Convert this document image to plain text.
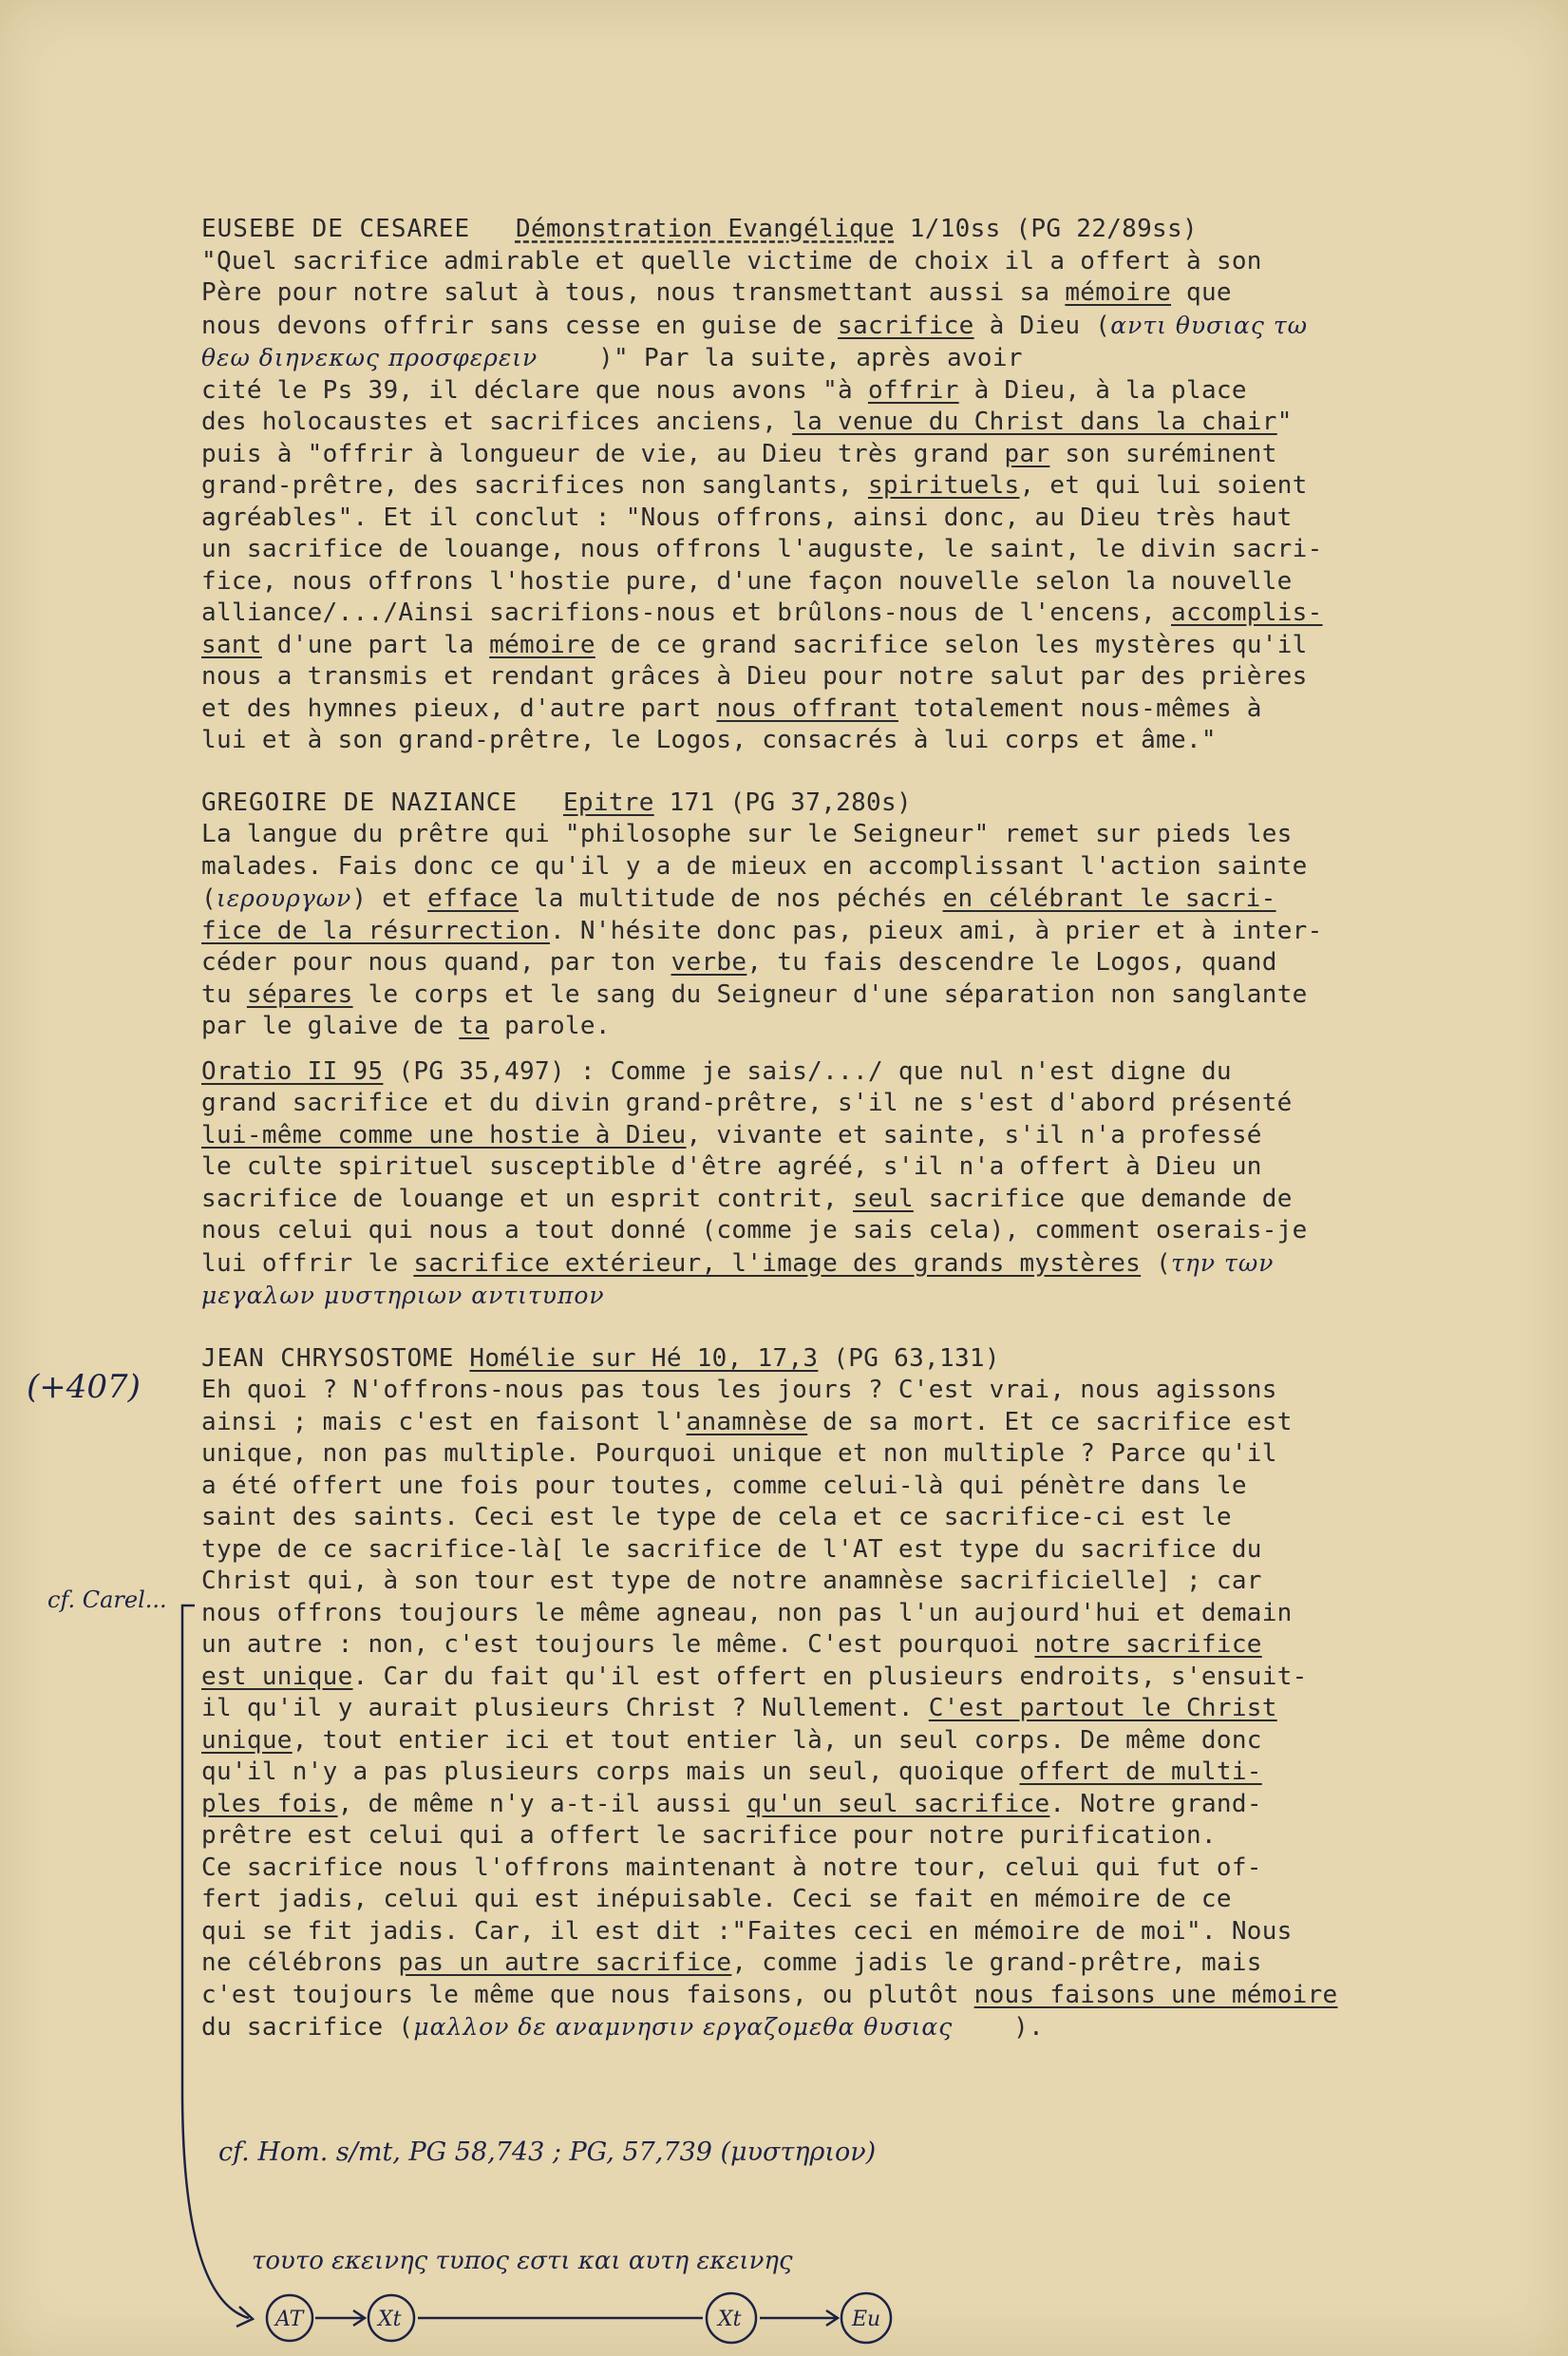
EUSEBE DE CESAREE Démonstration Evangélique 1/10ss (PG 22/89ss)

"Quel sacrifice admirable et quelle victime de choix il a offert à son

Père pour notre salut à tous, nous transmettant aussi sa mémoire que

nous devons offrir sans cesse en guise de sacrifice à Dieu (αντι θυσιας τω

θεω διηνεκως προσφερειν )" Par la suite, après avoir

cité le Ps 39, il déclare que nous avons "à offrir à Dieu, à la place

des holocaustes et sacrifices anciens, la venue du Christ dans la chair"

puis à "offrir à longueur de vie, au Dieu très grand par son suréminent

grand-prêtre, des sacrifices non sanglants, spirituels, et qui lui soient

agréables". Et il conclut : "Nous offrons, ainsi donc, au Dieu très haut

un sacrifice de louange, nous offrons l'auguste, le saint, le divin sacri-

fice, nous offrons l'hostie pure, d'une façon nouvelle selon la nouvelle

alliance/.../Ainsi sacrifions-nous et brûlons-nous de l'encens, accomplis-

sant d'une part la mémoire de ce grand sacrifice selon les mystères qu'il

nous a transmis et rendant grâces à Dieu pour notre salut par des prières

et des hymnes pieux, d'autre part nous offrant totalement nous-mêmes à

lui et à son grand-prêtre, le Logos, consacrés à lui corps et âme."

GREGOIRE DE NAZIANCE Epitre 171 (PG 37,280s)

La langue du prêtre qui "philosophe sur le Seigneur" remet sur pieds les

malades. Fais donc ce qu'il y a de mieux en accomplissant l'action sainte

(ιερουργων) et efface la multitude de nos péchés en célébrant le sacri-

fice de la résurrection. N'hésite donc pas, pieux ami, à prier et à inter-

céder pour nous quand, par ton verbe, tu fais descendre le Logos, quand

tu sépares le corps et le sang du Seigneur d'une séparation non sanglante

par le glaive de ta parole.

Oratio II 95 (PG 35,497) : Comme je sais/.../ que nul n'est digne du

grand sacrifice et du divin grand-prêtre, s'il ne s'est d'abord présenté

lui-même comme une hostie à Dieu, vivante et sainte, s'il n'a professé

le culte spirituel susceptible d'être agréé, s'il n'a offert à Dieu un

sacrifice de louange et un esprit contrit, seul sacrifice que demande de

nous celui qui nous a tout donné (comme je sais cela), comment oserais-je

lui offrir le sacrifice extérieur, l'image des grands mystères (την των

μεγαλων μυστηριων αντιτυπον

JEAN CHRYSOSTOME Homélie sur Hé 10, 17,3 (PG 63,131)

Eh quoi ? N'offrons-nous pas tous les jours ? C'est vrai, nous agissons

ainsi ; mais c'est en faisont l'anamnèse de sa mort. Et ce sacrifice est

unique, non pas multiple. Pourquoi unique et non multiple ? Parce qu'il

a été offert une fois pour toutes, comme celui-là qui pénètre dans le

saint des saints. Ceci est le type de cela et ce sacrifice-ci est le

type de ce sacrifice-là[ le sacrifice de l'AT est type du sacrifice du

Christ qui, à son tour est type de notre anamnèse sacrificielle] ; car

nous offrons toujours le même agneau, non pas l'un aujourd'hui et demain

un autre : non, c'est toujours le même. C'est pourquoi notre sacrifice

est unique. Car du fait qu'il est offert en plusieurs endroits, s'ensuit-

il qu'il y aurait plusieurs Christ ? Nullement. C'est partout le Christ

unique, tout entier ici et tout entier là, un seul corps. De même donc

qu'il n'y a pas plusieurs corps mais un seul, quoique offert de multi-

ples fois, de même n'y a-t-il aussi qu'un seul sacrifice. Notre grand-

prêtre est celui qui a offert le sacrifice pour notre purification.

Ce sacrifice nous l'offrons maintenant à notre tour, celui qui fut of-

fert jadis, celui qui est inépuisable. Ceci se fait en mémoire de ce

qui se fit jadis. Car, il est dit :"Faites ceci en mémoire de moi". Nous

ne célébrons pas un autre sacrifice, comme jadis le grand-prêtre, mais

c'est toujours le même que nous faisons, ou plutôt nous faisons une mémoire

du sacrifice (μαλλον δε αναμνησιν εργαζομεθα θυσιας ).

(+407)
cf. Carel...
cf. Hom. s/mt, PG 58,743 ; PG, 57,739 (μυστηριον)
τουτο εκεινης τυπος εστι και αυτη εκεινης
AT	Xt	Xt	Eu
